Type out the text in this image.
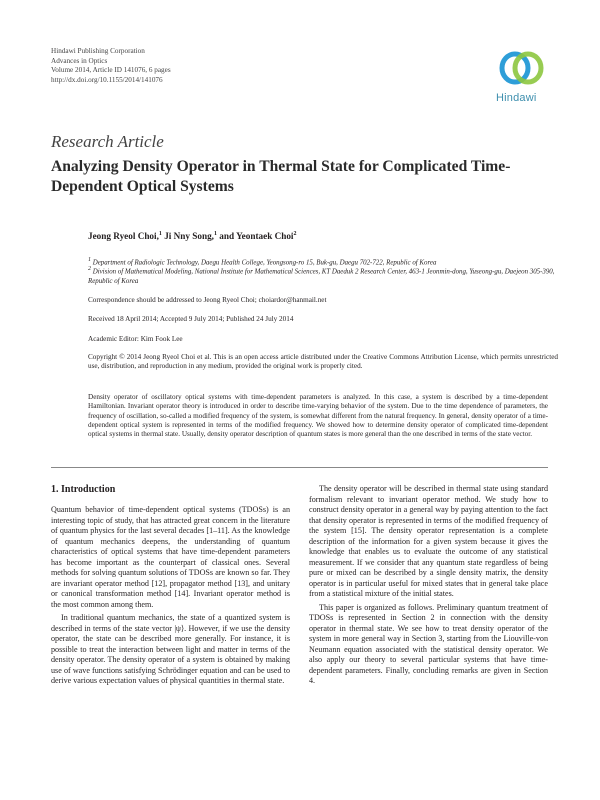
Hindawi Publishing Corporation
Advances in Optics
Volume 2014, Article ID 141076, 6 pages
http://dx.doi.org/10.1155/2014/141076
Hindawi
Research Article
Analyzing Density Operator in Thermal State for Complicated Time-Dependent Optical Systems
Jeong Ryeol Choi,$^1$ Ji Nny Song,$^1$ and Yeontaek Choi$^2$
$^1$ Department of Radiologic Technology, Daegu Health College, Yeongsong-ro 15, Buk-gu, Daegu 702-722, Republic of Korea
$^2$ Division of Mathematical Modeling, National Institute for Mathematical Sciences, KT Daeduk 2 Research Center, 463-1 Jeonmin-dong, Yuseong-gu, Daejeon 305-390, Republic of Korea
Correspondence should be addressed to Jeong Ryeol Choi; choiardor@hanmail.net
Received 18 April 2014; Accepted 9 July 2014; Published 24 July 2014
Academic Editor: Kim Fook Lee
Copyright © 2014 Jeong Ryeol Choi et al. This is an open access article distributed under the Creative Commons Attribution License, which permits unrestricted use, distribution, and reproduction in any medium, provided the original work is properly cited.
Density operator of oscillatory optical systems with time-dependent parameters is analyzed. In this case, a system is described by a time-dependent Hamiltonian. Invariant operator theory is introduced in order to describe time-varying behavior of the system. Due to the time dependence of parameters, the frequency of oscillation, so-called a modified frequency of the system, is somewhat different from the natural frequency. In general, density operator of a time-dependent optical system is represented in terms of the modified frequency. We showed how to determine density operator of complicated time-dependent optical systems in thermal state. Usually, density operator description of quantum states is more general than the one described in terms of the state vector.
1. Introduction

Quantum behavior of time-dependent optical systems (TDOSs) is an interesting topic of study, that has attracted great concern in the literature of quantum physics for the last several decades [1–11]. As the knowledge of quantum mechanics deepens, the understanding of quantum characteristics of optical systems that have time-dependent parameters has become important as the counterpart of classical ones. Several methods for solving quantum solutions of TDOSs are known so far. They are invariant operator method [12], propagator method [13], and unitary or canonical transformation method [14]. Invariant operator method is the most common among them.

In traditional quantum mechanics, the state of a quantized system is described in terms of the state vector |ψ⟩. However, if we use the density operator, the state can be described more generally. For instance, it is possible to treat the interaction between light and matter in terms of the density operator. The density operator of a system is obtained by making use of wave functions satisfying Schrödinger equation and can be used to derive various expectation values of physical quantities in thermal state.

The density operator will be described in thermal state using standard formalism relevant to invariant operator method. We study how to construct density operator in a general way by paying attention to the fact that density operator is represented in terms of the modified frequency of the system [15]. The density operator representation is a complete description of the information for a given system because it gives the knowledge that enables us to evaluate the outcome of any statistical measurement. If we consider that any quantum state regardless of being pure or mixed can be described by a single density matrix, the density operator is in particular useful for mixed states that in general take place from a statistical mixture of the initial states.

This paper is organized as follows. Preliminary quantum treatment of TDOSs is represented in Section 2 in connection with the density operator in thermal state. We see how to treat density operator of the system in more general way in Section 3, starting from the Liouville-von Neumann equation associated with the statistical density operator. We also apply our theory to several particular systems that have time-dependent parameters. Finally, concluding remarks are given in Section 4.
